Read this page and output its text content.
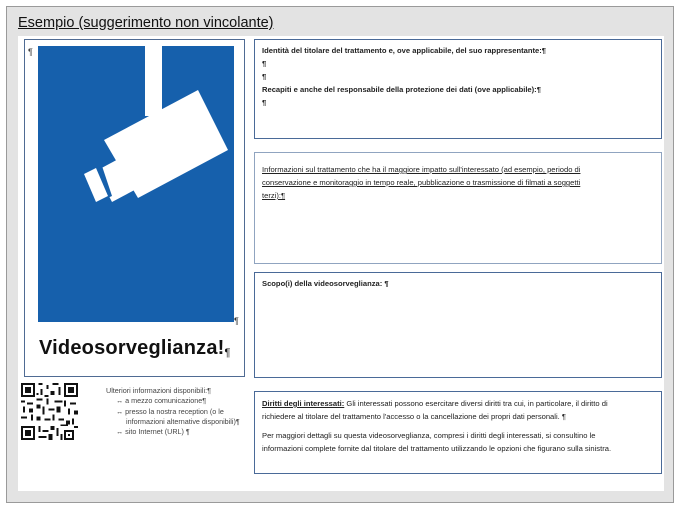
Esempio (suggerimento non vincolante)
¶
¶
Videosorveglianza!¶
Ulteriori informazioni disponibili:¶
↔ a mezzo comunicazione¶
↔ presso la nostra reception (o le
informazioni alternative disponibili)¶
↔ sito Internet (URL) ¶
Identità del titolare del trattamento e, ove applicabile, del suo rappresentante:¶
¶
¶
Recapiti e anche del responsabile della protezione dei dati (ove applicabile):¶
¶
Informazioni sul trattamento che ha il maggiore impatto sull'interessato (ad esempio, periodo di
conservazione e monitoraggio in tempo reale, pubblicazione o trasmissione di filmati a soggetti
terzi):¶
Scopo(i) della videosorveglianza: ¶
Diritti degli interessati: Gli interessati possono esercitare diversi diritti tra cui, in particolare, il diritto di
richiedere al titolare del trattamento l'accesso o la cancellazione dei propri dati personali. ¶
Per maggiori dettagli su questa videosorveglianza, compresi i diritti degli interessati, si consultino le
informazioni complete fornite dal titolare del trattamento utilizzando le opzioni che figurano sulla sinistra.
